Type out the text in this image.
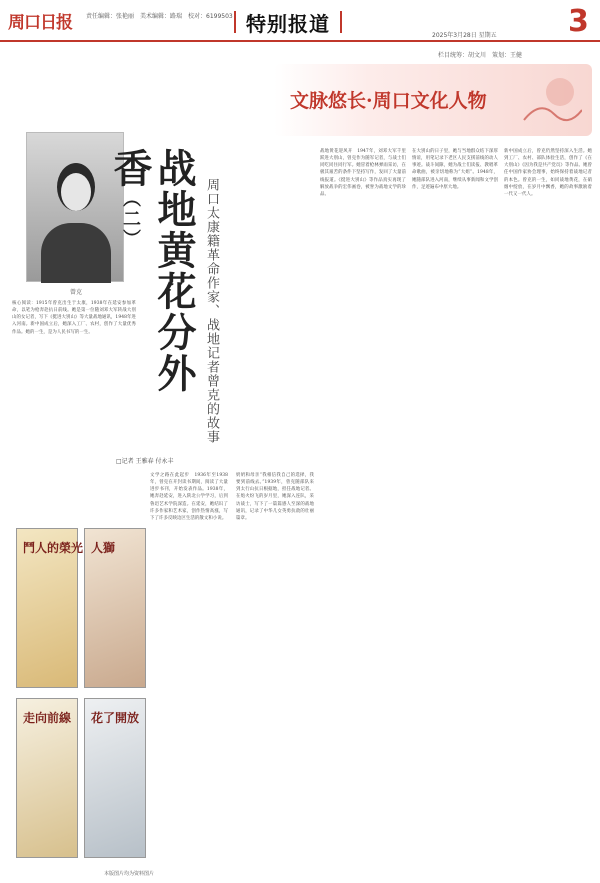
周口日报 责任编辑：张艳丽　美术编辑：路瑞　校对：6199503 特别报道	2025年3月28日 星期五 3
栏目统筹：胡文川　策划：王健
文脉悠长·周口文化人物
曾克
核心阅读：1915年曾克出生于太康，1938年在延安参加革命，以笔为枪奔赴抗日前线。她是第一位随刘邓大军转战大别山的女记者，写下《挺进大别山》等大量战地通讯，1948年进入河南。新中国成立后，她深入工厂、农村，创作了大量优秀作品。她的一生，是为人民书写的一生。	战地黄花分外香（二）	周口太康籍革命作家、战地记者曾克的故事
□记者 王雅春 付永丰
文学之路在此起步　1936年至1938年，曾克在开封读书期间，阅读了大量进步书刊，开始发表作品。1938年，她奔赴延安，进入陕北公学学习，后到鲁迅艺术学院深造。在延安，她结识了许多作家和艺术家，创作热情高涨，写下了许多反映边区生活的散文和小说。
奶奶和母亲“我相信我自己的选择，我要到前线去。”1939年，曾克随部队来到太行山抗日根据地，担任战地记者。在炮火纷飞的岁月里，她深入连队，采访战士，写下了一篇篇感人至深的战地通讯，记录了中华儿女英勇抗敌的壮丽篇章。
战地黄花迎风开　1947年，刘邓大军千里跃进大别山，曾克作为随军记者，与战士们同吃同住同行军。她冒着枪林弹雨采访，在极其艰苦的条件下坚持写作，发回了大量前线报道。《挺进大别山》等作品真实再现了解放战争的宏伟画卷，被誉为战地文学的珍品。
在大别山的日子里，她与当地群众结下深厚情谊，用笔记录下老区人民支援前线的动人事迹。战斗间隙，她为战士们读报、教唱革命歌曲，被亲切地称为“大姐”。1948年，她随部队进入河南，继续从事新闻和文学创作，足迹遍布中原大地。
新中国成立后，曾克仍然坚持深入生活。她到工厂、农村、部队体验生活，创作了《在大别山》《因为我是共产党员》等作品。她曾任中国作家协会理事，始终保持着战地记者的本色。曾克的一生，如同战地黄花，在硝烟中绽放，在岁月中飘香，她的故事激励着一代又一代人。
鬥人的榮光 人獅
走向前線 花了開放
本版图片均为资料图片
